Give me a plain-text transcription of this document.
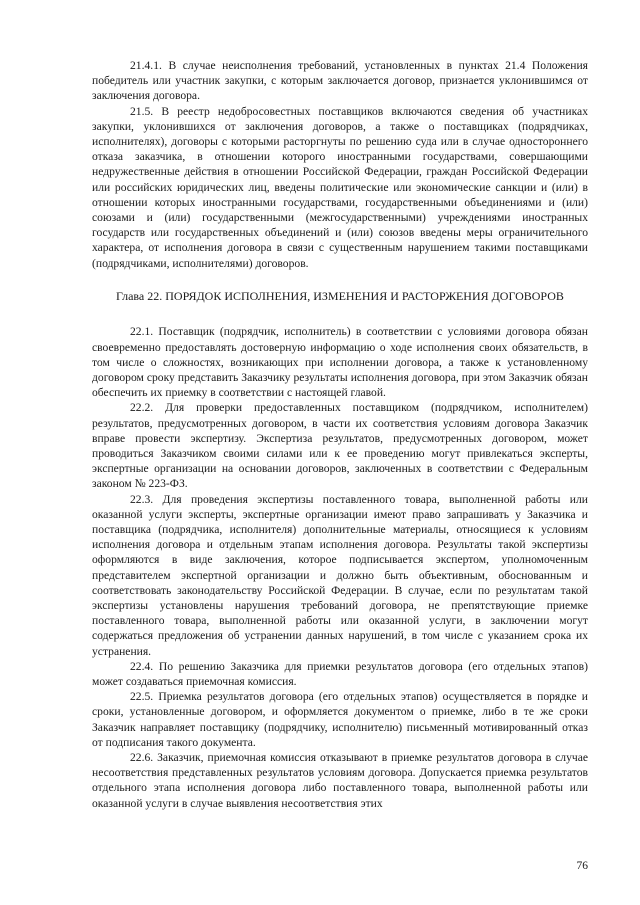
21.4.1. В случае неисполнения требований, установленных в пунктах 21.4 Положения победитель или участник закупки, с которым заключается договор, признается уклонившимся от заключения договора.

21.5. В реестр недобросовестных поставщиков включаются сведения об участниках закупки, уклонившихся от заключения договоров, а также о поставщиках (подрядчиках, исполнителях), договоры с которыми расторгнуты по решению суда или в случае одностороннего отказа заказчика, в отношении которого иностранными государствами, совершающими недружественные действия в отношении Российской Федерации, граждан Российской Федерации или российских юридических лиц, введены политические или экономические санкции и (или) в отношении которых иностранными государствами, государственными объединениями и (или) союзами и (или) государственными (межгосударственными) учреждениями иностранных государств или государственных объединений и (или) союзов введены меры ограничительного характера, от исполнения договора в связи с существенным нарушением такими поставщиками (подрядчиками, исполнителями) договоров.

Глава 22. ПОРЯДОК ИСПОЛНЕНИЯ, ИЗМЕНЕНИЯ И РАСТОРЖЕНИЯ ДОГОВОРОВ

22.1. Поставщик (подрядчик, исполнитель) в соответствии с условиями договора обязан своевременно предоставлять достоверную информацию о ходе исполнения своих обязательств, в том числе о сложностях, возникающих при исполнении договора, а также к установленному договором сроку представить Заказчику результаты исполнения договора, при этом Заказчик обязан обеспечить их приемку в соответствии с настоящей главой.

22.2. Для проверки предоставленных поставщиком (подрядчиком, исполнителем) результатов, предусмотренных договором, в части их соответствия условиям договора Заказчик вправе провести экспертизу. Экспертиза результатов, предусмотренных договором, может проводиться Заказчиком своими силами или к ее проведению могут привлекаться эксперты, экспертные организации на основании договоров, заключенных в соответствии с Федеральным законом № 223-ФЗ.

22.3. Для проведения экспертизы поставленного товара, выполненной работы или оказанной услуги эксперты, экспертные организации имеют право запрашивать у Заказчика и поставщика (подрядчика, исполнителя) дополнительные материалы, относящиеся к условиям исполнения договора и отдельным этапам исполнения договора. Результаты такой экспертизы оформляются в виде заключения, которое подписывается экспертом, уполномоченным представителем экспертной организации и должно быть объективным, обоснованным и соответствовать законодательству Российской Федерации. В случае, если по результатам такой экспертизы установлены нарушения требований договора, не препятствующие приемке поставленного товара, выполненной работы или оказанной услуги, в заключении могут содержаться предложения об устранении данных нарушений, в том числе с указанием срока их устранения.

22.4. По решению Заказчика для приемки результатов договора (его отдельных этапов) может создаваться приемочная комиссия.

22.5. Приемка результатов договора (его отдельных этапов) осуществляется в порядке и сроки, установленные договором, и оформляется документом о приемке, либо в те же сроки Заказчик направляет поставщику (подрядчику, исполнителю) письменный мотивированный отказ от подписания такого документа.

22.6. Заказчик, приемочная комиссия отказывают в приемке результатов договора в случае несоответствия представленных результатов условиям договора. Допускается приемка результатов отдельного этапа исполнения договора либо поставленного товара, выполненной работы или оказанной услуги в случае выявления несоответствия этих

76
